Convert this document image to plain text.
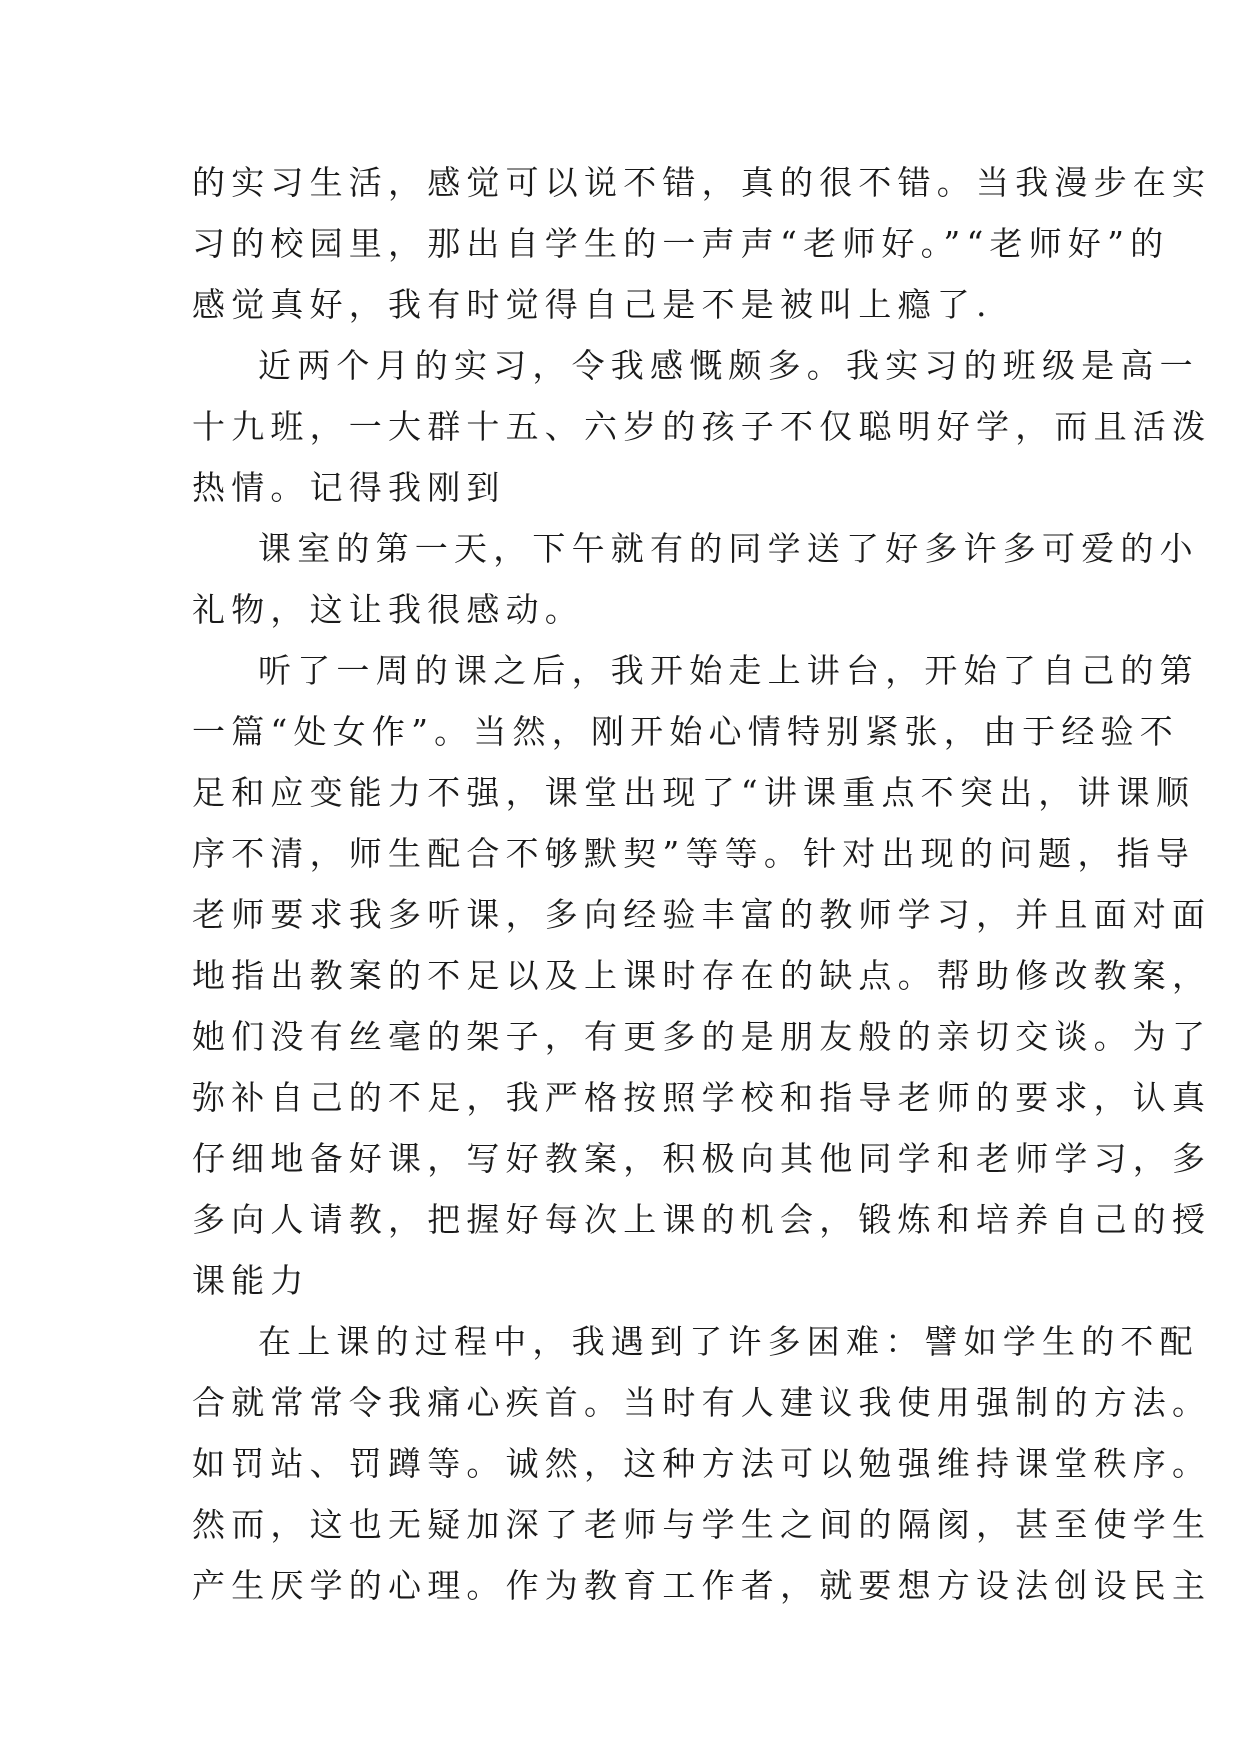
的实习生活，感觉可以说不错，真的很不错。当我漫步在实
习的校园里，那出自学生的一声声“老师好。”“老师好”的
感觉真好，我有时觉得自己是不是被叫上瘾了.
近两个月的实习，令我感慨颇多。我实习的班级是高一
十九班，一大群十五、六岁的孩子不仅聪明好学，而且活泼
热情。记得我刚到
课室的第一天，下午就有的同学送了好多许多可爱的小
礼物，这让我很感动。
听了一周的课之后，我开始走上讲台，开始了自己的第
一篇“处女作”。当然，刚开始心情特别紧张，由于经验不
足和应变能力不强，课堂出现了“讲课重点不突出，讲课顺
序不清，师生配合不够默契”等等。针对出现的问题，指导
老师要求我多听课，多向经验丰富的教师学习，并且面对面
地指出教案的不足以及上课时存在的缺点。帮助修改教案，
她们没有丝毫的架子，有更多的是朋友般的亲切交谈。为了
弥补自己的不足，我严格按照学校和指导老师的要求，认真
仔细地备好课，写好教案，积极向其他同学和老师学习，多
多向人请教，把握好每次上课的机会，锻炼和培养自己的授
课能力
在上课的过程中，我遇到了许多困难：譬如学生的不配
合就常常令我痛心疾首。当时有人建议我使用强制的方法。
如罚站、罚蹲等。诚然，这种方法可以勉强维持课堂秩序。
然而，这也无疑加深了老师与学生之间的隔阂，甚至使学生
产生厌学的心理。作为教育工作者，就要想方设法创设民主
